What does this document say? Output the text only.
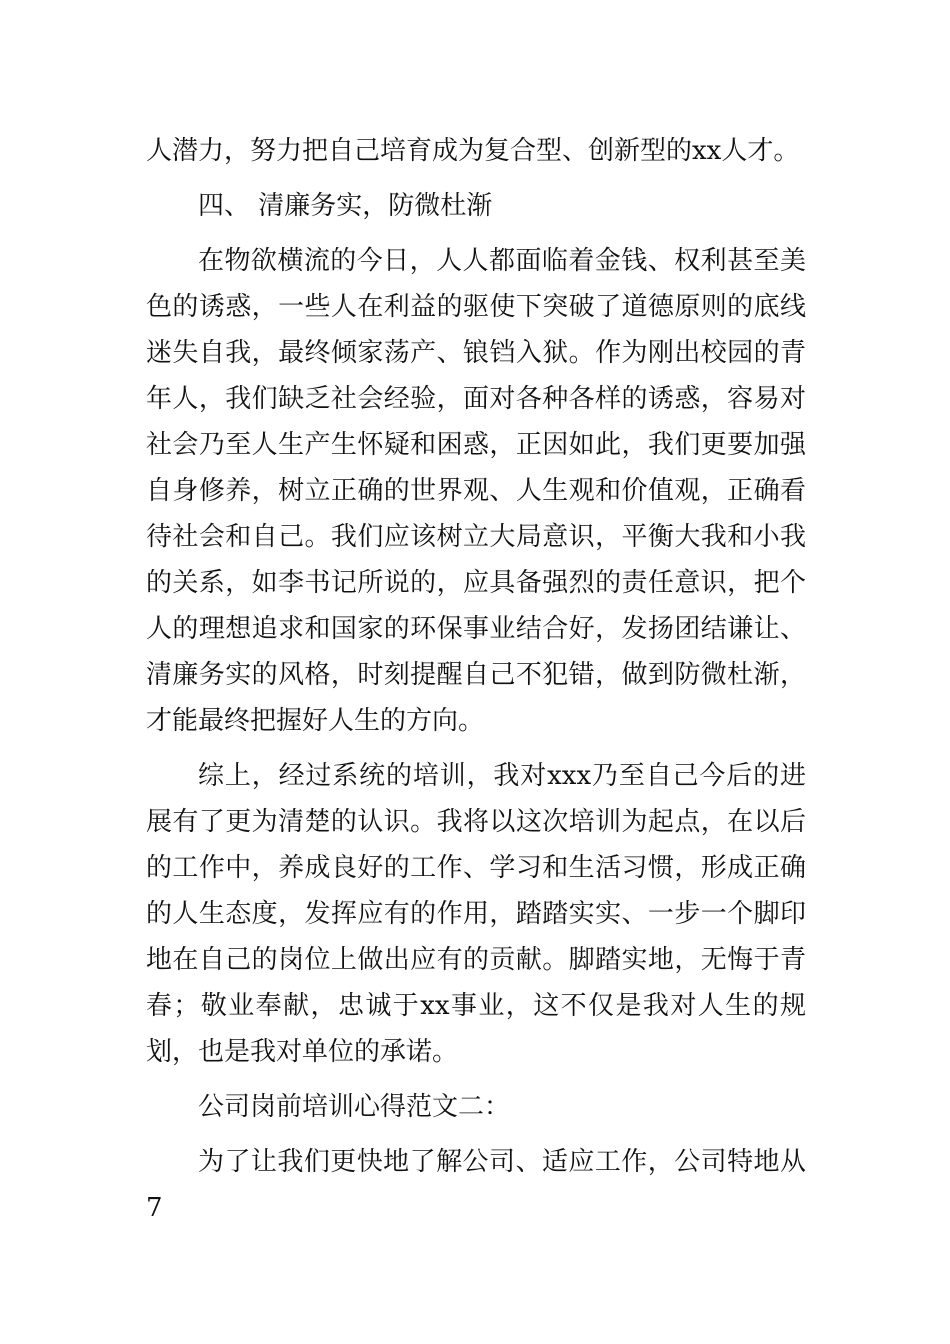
人潜力，努力把自己培育成为复合型、创新型的xx人才。

四、 清廉务实，防微杜渐

在物欲横流的今日，人人都面临着金钱、权利甚至美色的诱惑，一些人在利益的驱使下突破了道德原则的底线迷失自我，最终倾家荡产、锒铛入狱。作为刚出校园的青年人，我们缺乏社会经验，面对各种各样的诱惑，容易对社会乃至人生产生怀疑和困惑，正因如此，我们更要加强自身修养，树立正确的世界观、人生观和价值观，正确看待社会和自己。我们应该树立大局意识，平衡大我和小我的关系，如李书记所说的，应具备强烈的责任意识，把个人的理想追求和国家的环保事业结合好，发扬团结谦让、清廉务实的风格，时刻提醒自己不犯错，做到防微杜渐，才能最终把握好人生的方向。

综上，经过系统的培训，我对xxx乃至自己今后的进展有了更为清楚的认识。我将以这次培训为起点，在以后的工作中，养成良好的工作、学习和生活习惯，形成正确的人生态度，发挥应有的作用，踏踏实实、一步一个脚印地在自己的岗位上做出应有的贡献。脚踏实地，无悔于青春；敬业奉献，忠诚于xx事业，这不仅是我对人生的规划，也是我对单位的承诺。

公司岗前培训心得范文二：

为了让我们更快地了解公司、适应工作，公司特地从7
